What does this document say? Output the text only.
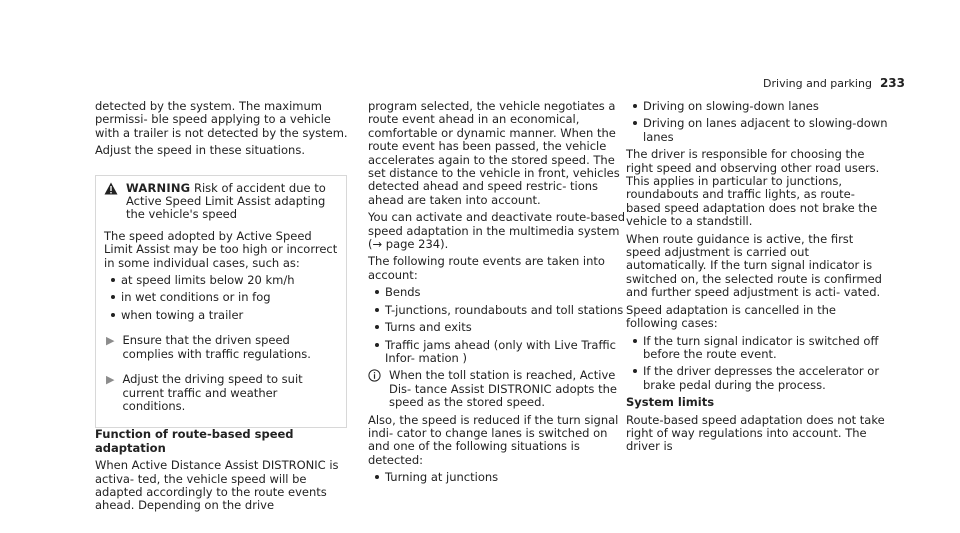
Driving and parking 233

detected by the system. The maximum permissi- ble speed applying to a vehicle with a trailer is not detected by the system.

Adjust the speed in these situations.

WARNING Risk of accident due to Active Speed Limit Assist adapting the vehicle's speed

The speed adopted by Active Speed Limit Assist may be too high or incorrect in some individual cases, such as:

at speed limits below 20 km/h
in wet conditions or in fog
when towing a trailer
▶ Ensure that the driven speed complies with traffic regulations.
▶ Adjust the driving speed to suit current traffic and weather conditions.

Function of route-based speed adaptation

When Active Distance Assist DISTRONIC is activa- ted, the vehicle speed will be adapted accordingly to the route events ahead. Depending on the drive

program selected, the vehicle negotiates a route event ahead in an economical, comfortable or dynamic manner. When the route event has been passed, the vehicle accelerates again to the stored speed. The set distance to the vehicle in front, vehicles detected ahead and speed restric- tions ahead are taken into account.

You can activate and deactivate route-based speed adaptation in the multimedia system (→ page 234).

The following route events are taken into account:

Bends
T-junctions, roundabouts and toll stations
Turns and exits
Traffic jams ahead (only with Live Traffic Infor- mation )
When the toll station is reached, Active Dis- tance Assist DISTRONIC adopts the speed as the stored speed.

Also, the speed is reduced if the turn signal indi- cator to change lanes is switched on and one of the following situations is detected:

Turning at junctions
Driving on slowing-down lanes
Driving on lanes adjacent to slowing-down lanes

The driver is responsible for choosing the right speed and observing other road users. This applies in particular to junctions, roundabouts and traffic lights, as route-based speed adaptation does not brake the vehicle to a standstill.

When route guidance is active, the first speed adjustment is carried out automatically. If the turn signal indicator is switched on, the selected route is confirmed and further speed adjustment is acti- vated.

Speed adaptation is cancelled in the following cases:

If the turn signal indicator is switched off before the route event.
If the driver depresses the accelerator or brake pedal during the process.

System limits

Route-based speed adaptation does not take right of way regulations into account. The driver is
